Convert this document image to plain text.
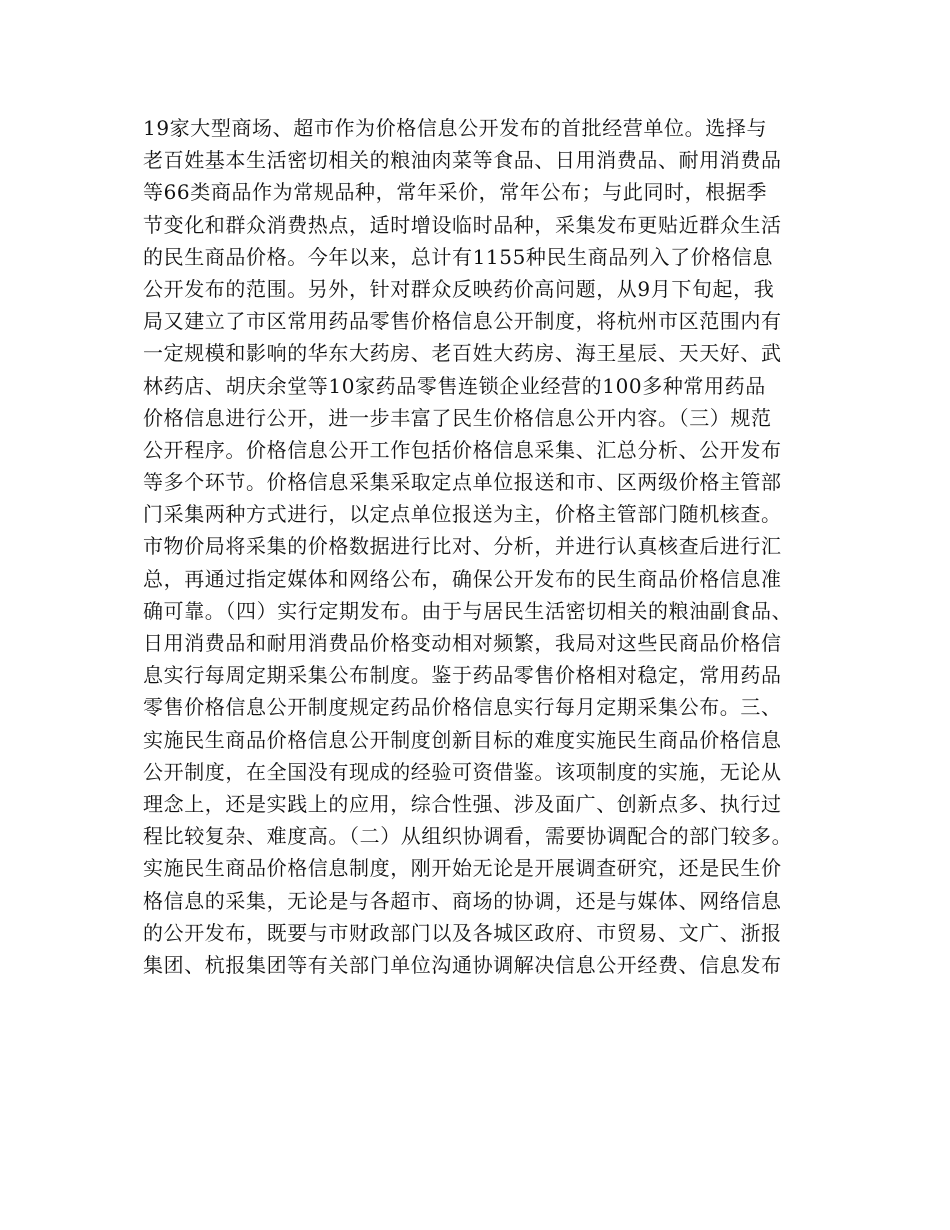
19家大型商场、超市作为价格信息公开发布的首批经营单位。选择与
老百姓基本生活密切相关的粮油肉菜等食品、日用消费品、耐用消费品
等66类商品作为常规品种，常年采价，常年公布；与此同时，根据季
节变化和群众消费热点，适时增设临时品种，采集发布更贴近群众生活
的民生商品价格。今年以来，总计有1155种民生商品列入了价格信息
公开发布的范围。另外，针对群众反映药价高问题，从9月下旬起，我
局又建立了市区常用药品零售价格信息公开制度，将杭州市区范围内有
一定规模和影响的华东大药房、老百姓大药房、海王星辰、天天好、武
林药店、胡庆余堂等10家药品零售连锁企业经营的100多种常用药品
价格信息进行公开，进一步丰富了民生价格信息公开内容。（三）规范
公开程序。价格信息公开工作包括价格信息采集、汇总分析、公开发布
等多个环节。价格信息采集采取定点单位报送和市、区两级价格主管部
门采集两种方式进行，以定点单位报送为主，价格主管部门随机核查。
市物价局将采集的价格数据进行比对、分析，并进行认真核查后进行汇
总，再通过指定媒体和网络公布，确保公开发布的民生商品价格信息准
确可靠。（四）实行定期发布。由于与居民生活密切相关的粮油副食品、
日用消费品和耐用消费品价格变动相对频繁，我局对这些民商品价格信
息实行每周定期采集公布制度。鉴于药品零售价格相对稳定，常用药品
零售价格信息公开制度规定药品价格信息实行每月定期采集公布。三、
实施民生商品价格信息公开制度创新目标的难度实施民生商品价格信息
公开制度，在全国没有现成的经验可资借鉴。该项制度的实施，无论从
理念上，还是实践上的应用，综合性强、涉及面广、创新点多、执行过
程比较复杂、难度高。（二）从组织协调看，需要协调配合的部门较多。
实施民生商品价格信息制度，刚开始无论是开展调查研究，还是民生价
格信息的采集，无论是与各超市、商场的协调，还是与媒体、网络信息
的公开发布，既要与市财政部门以及各城区政府、市贸易、文广、浙报
集团、杭报集团等有关部门单位沟通协调解决信息公开经费、信息发布
